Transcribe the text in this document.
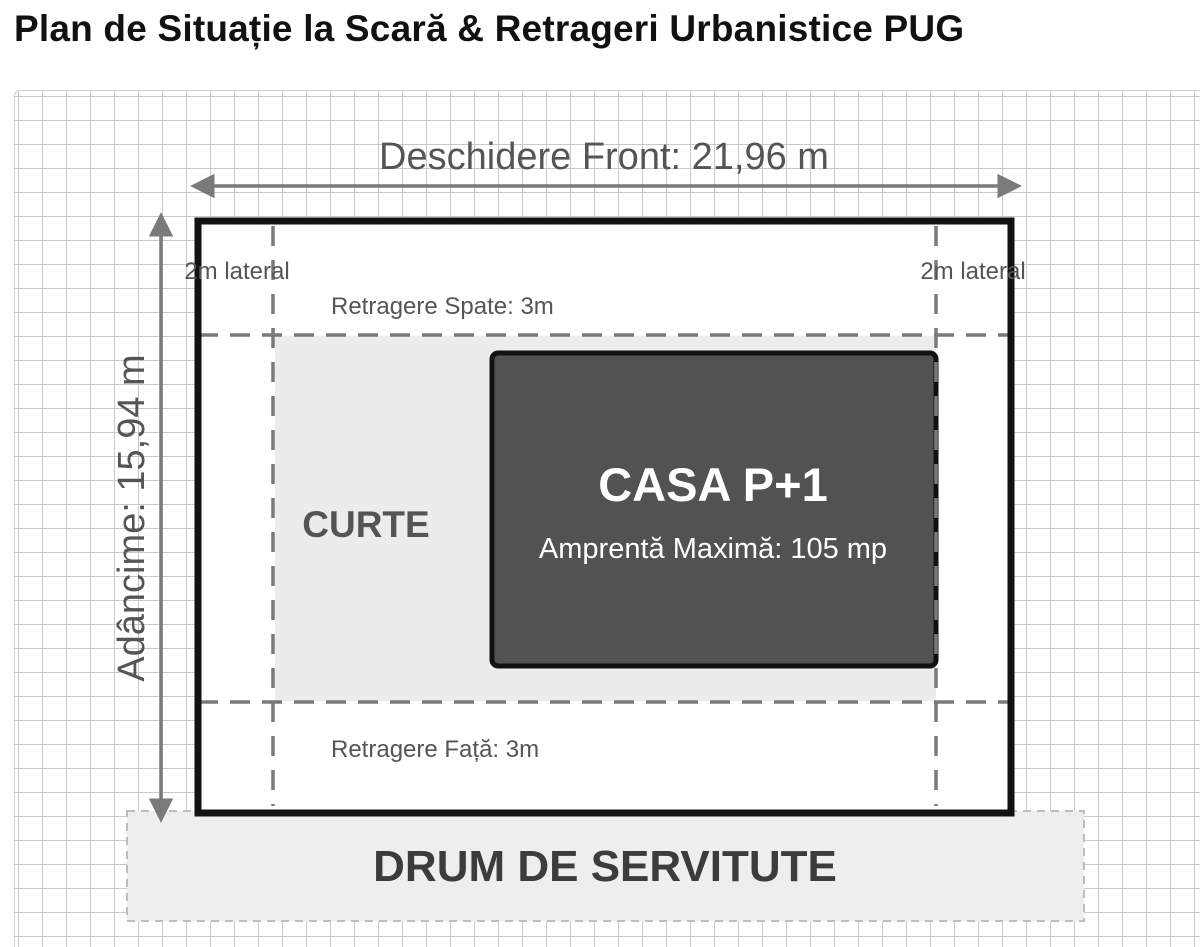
Plan de Situație la Scară & Retrageri Urbanistice PUG
DRUM DE SERVITUTE
CURTE
CASA P+1
Amprentă Maximă: 105 mp
Retragere Spate: 3m
Retragere Față: 3m
2m lateral	2m lateral
Deschidere Front: 21,96 m
Adâncime: 15,94 m
